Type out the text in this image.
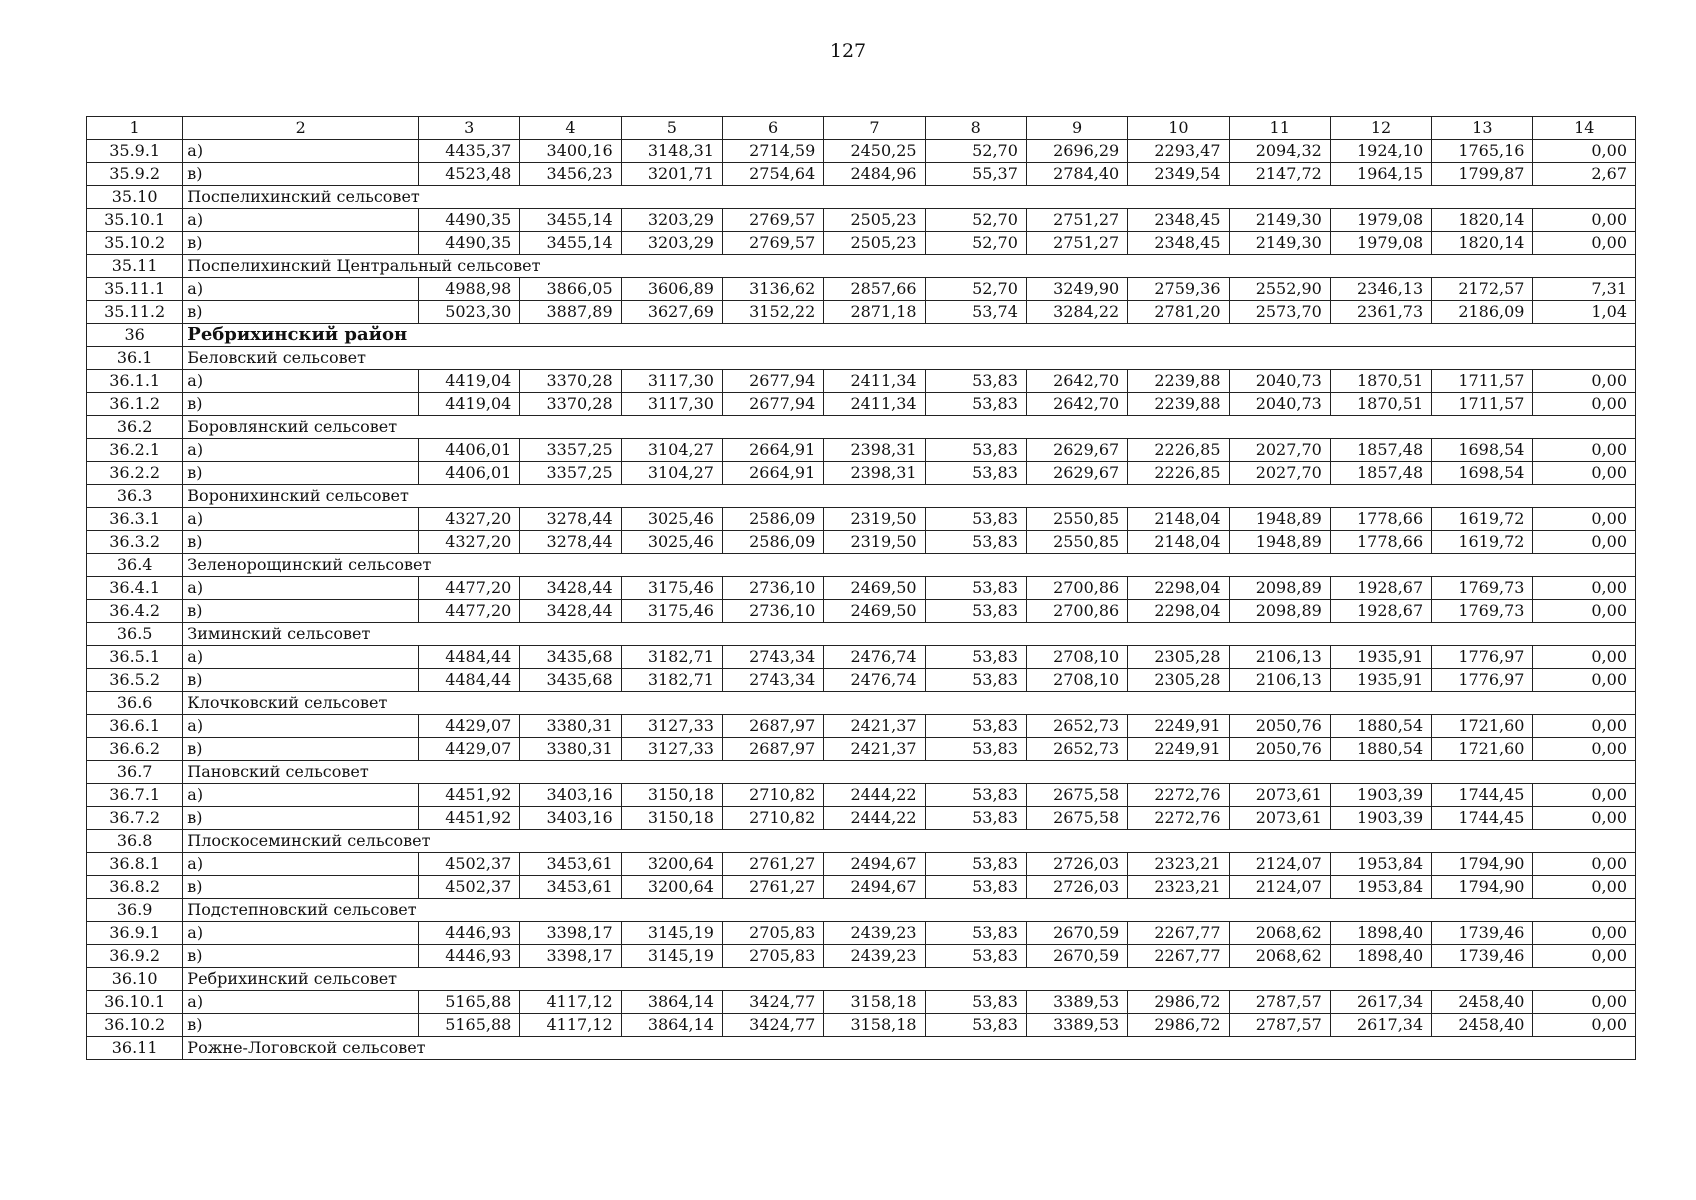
127
1	2	3	4	5	6	7	8	9	10	11	12	13	14
35.9.1	а)	4435,37	3400,16	3148,31	2714,59	2450,25	52,70	2696,29	2293,47	2094,32	1924,10	1765,16	0,00
35.9.2	в)	4523,48	3456,23	3201,71	2754,64	2484,96	55,37	2784,40	2349,54	2147,72	1964,15	1799,87	2,67
35.10	Поспелихинский сельсовет												
35.10.1	а)	4490,35	3455,14	3203,29	2769,57	2505,23	52,70	2751,27	2348,45	2149,30	1979,08	1820,14	0,00
35.10.2	в)	4490,35	3455,14	3203,29	2769,57	2505,23	52,70	2751,27	2348,45	2149,30	1979,08	1820,14	0,00
35.11	Поспелихинский Центральный сельсовет												
35.11.1	а)	4988,98	3866,05	3606,89	3136,62	2857,66	52,70	3249,90	2759,36	2552,90	2346,13	2172,57	7,31
35.11.2	в)	5023,30	3887,89	3627,69	3152,22	2871,18	53,74	3284,22	2781,20	2573,70	2361,73	2186,09	1,04
36	Ребрихинский район												
36.1	Беловский сельсовет												
36.1.1	а)	4419,04	3370,28	3117,30	2677,94	2411,34	53,83	2642,70	2239,88	2040,73	1870,51	1711,57	0,00
36.1.2	в)	4419,04	3370,28	3117,30	2677,94	2411,34	53,83	2642,70	2239,88	2040,73	1870,51	1711,57	0,00
36.2	Боровлянский сельсовет												
36.2.1	а)	4406,01	3357,25	3104,27	2664,91	2398,31	53,83	2629,67	2226,85	2027,70	1857,48	1698,54	0,00
36.2.2	в)	4406,01	3357,25	3104,27	2664,91	2398,31	53,83	2629,67	2226,85	2027,70	1857,48	1698,54	0,00
36.3	Воронихинский сельсовет												
36.3.1	а)	4327,20	3278,44	3025,46	2586,09	2319,50	53,83	2550,85	2148,04	1948,89	1778,66	1619,72	0,00
36.3.2	в)	4327,20	3278,44	3025,46	2586,09	2319,50	53,83	2550,85	2148,04	1948,89	1778,66	1619,72	0,00
36.4	Зеленорощинский сельсовет												
36.4.1	а)	4477,20	3428,44	3175,46	2736,10	2469,50	53,83	2700,86	2298,04	2098,89	1928,67	1769,73	0,00
36.4.2	в)	4477,20	3428,44	3175,46	2736,10	2469,50	53,83	2700,86	2298,04	2098,89	1928,67	1769,73	0,00
36.5	Зиминский сельсовет												
36.5.1	а)	4484,44	3435,68	3182,71	2743,34	2476,74	53,83	2708,10	2305,28	2106,13	1935,91	1776,97	0,00
36.5.2	в)	4484,44	3435,68	3182,71	2743,34	2476,74	53,83	2708,10	2305,28	2106,13	1935,91	1776,97	0,00
36.6	Клочковский сельсовет												
36.6.1	а)	4429,07	3380,31	3127,33	2687,97	2421,37	53,83	2652,73	2249,91	2050,76	1880,54	1721,60	0,00
36.6.2	в)	4429,07	3380,31	3127,33	2687,97	2421,37	53,83	2652,73	2249,91	2050,76	1880,54	1721,60	0,00
36.7	Пановский сельсовет												
36.7.1	а)	4451,92	3403,16	3150,18	2710,82	2444,22	53,83	2675,58	2272,76	2073,61	1903,39	1744,45	0,00
36.7.2	в)	4451,92	3403,16	3150,18	2710,82	2444,22	53,83	2675,58	2272,76	2073,61	1903,39	1744,45	0,00
36.8	Плоскосеминский сельсовет												
36.8.1	а)	4502,37	3453,61	3200,64	2761,27	2494,67	53,83	2726,03	2323,21	2124,07	1953,84	1794,90	0,00
36.8.2	в)	4502,37	3453,61	3200,64	2761,27	2494,67	53,83	2726,03	2323,21	2124,07	1953,84	1794,90	0,00
36.9	Подстепновский сельсовет												
36.9.1	а)	4446,93	3398,17	3145,19	2705,83	2439,23	53,83	2670,59	2267,77	2068,62	1898,40	1739,46	0,00
36.9.2	в)	4446,93	3398,17	3145,19	2705,83	2439,23	53,83	2670,59	2267,77	2068,62	1898,40	1739,46	0,00
36.10	Ребрихинский сельсовет												
36.10.1	а)	5165,88	4117,12	3864,14	3424,77	3158,18	53,83	3389,53	2986,72	2787,57	2617,34	2458,40	0,00
36.10.2	в)	5165,88	4117,12	3864,14	3424,77	3158,18	53,83	3389,53	2986,72	2787,57	2617,34	2458,40	0,00
36.11	Рожне-Логовской сельсовет												
